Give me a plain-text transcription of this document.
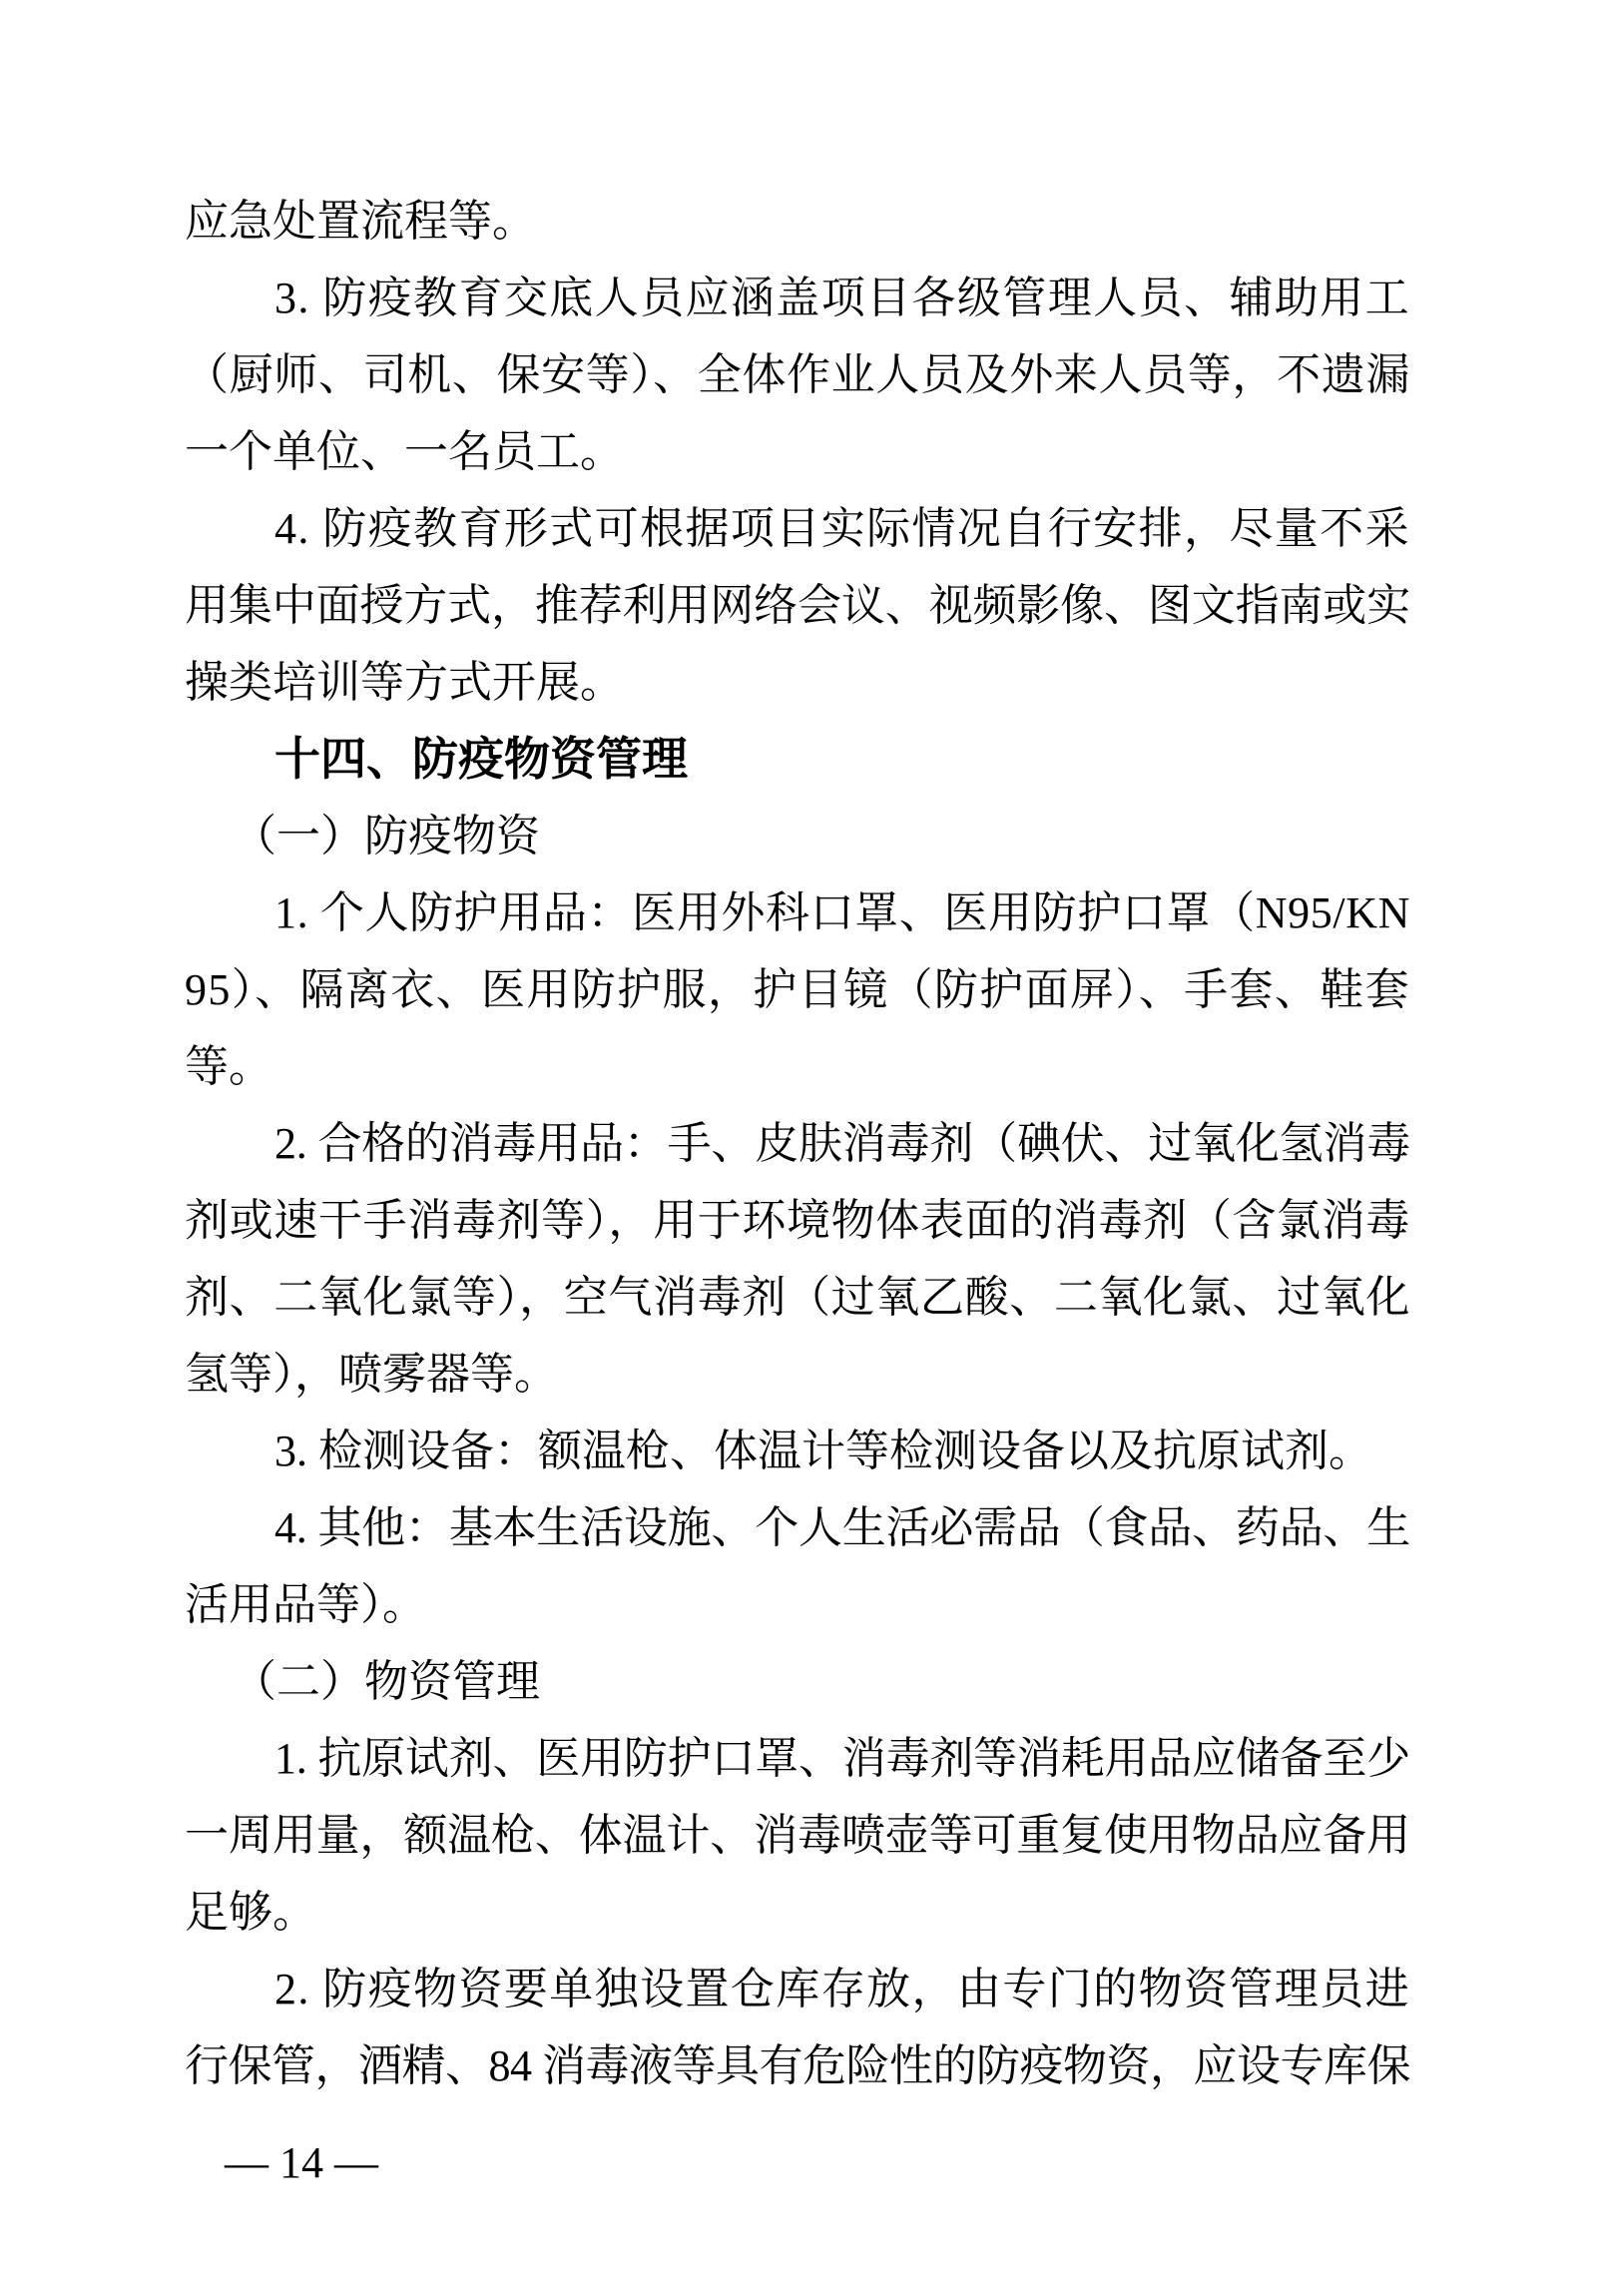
应急处置流程等。
3. 防疫教育交底人员应涵盖项目各级管理人员、辅助用工
（厨师、司机、保安等）、全体作业人员及外来人员等，不遗漏
一个单位、一名员工。
4. 防疫教育形式可根据项目实际情况自行安排，尽量不采
用集中面授方式，推荐利用网络会议、视频影像、图文指南或实
操类培训等方式开展。
十四、防疫物资管理
（一）防疫物资
1. 个人防护用品：医用外科口罩、医用防护口罩（N95/KN
95）、隔离衣、医用防护服，护目镜（防护面屏）、手套、鞋套
等。
2. 合格的消毒用品：手、皮肤消毒剂（碘伏、过氧化氢消毒
剂或速干手消毒剂等），用于环境物体表面的消毒剂（含氯消毒
剂、二氧化氯等），空气消毒剂（过氧乙酸、二氧化氯、过氧化
氢等），喷雾器等。
3. 检测设备：额温枪、体温计等检测设备以及抗原试剂。
4. 其他：基本生活设施、个人生活必需品（食品、药品、生
活用品等）。
（二）物资管理
1. 抗原试剂、医用防护口罩、消毒剂等消耗用品应储备至少
一周用量，额温枪、体温计、消毒喷壶等可重复使用物品应备用
足够。
2. 防疫物资要单独设置仓库存放，由专门的物资管理员进
行保管，酒精、84 消毒液等具有危险性的防疫物资，应设专库保
— 14 —
